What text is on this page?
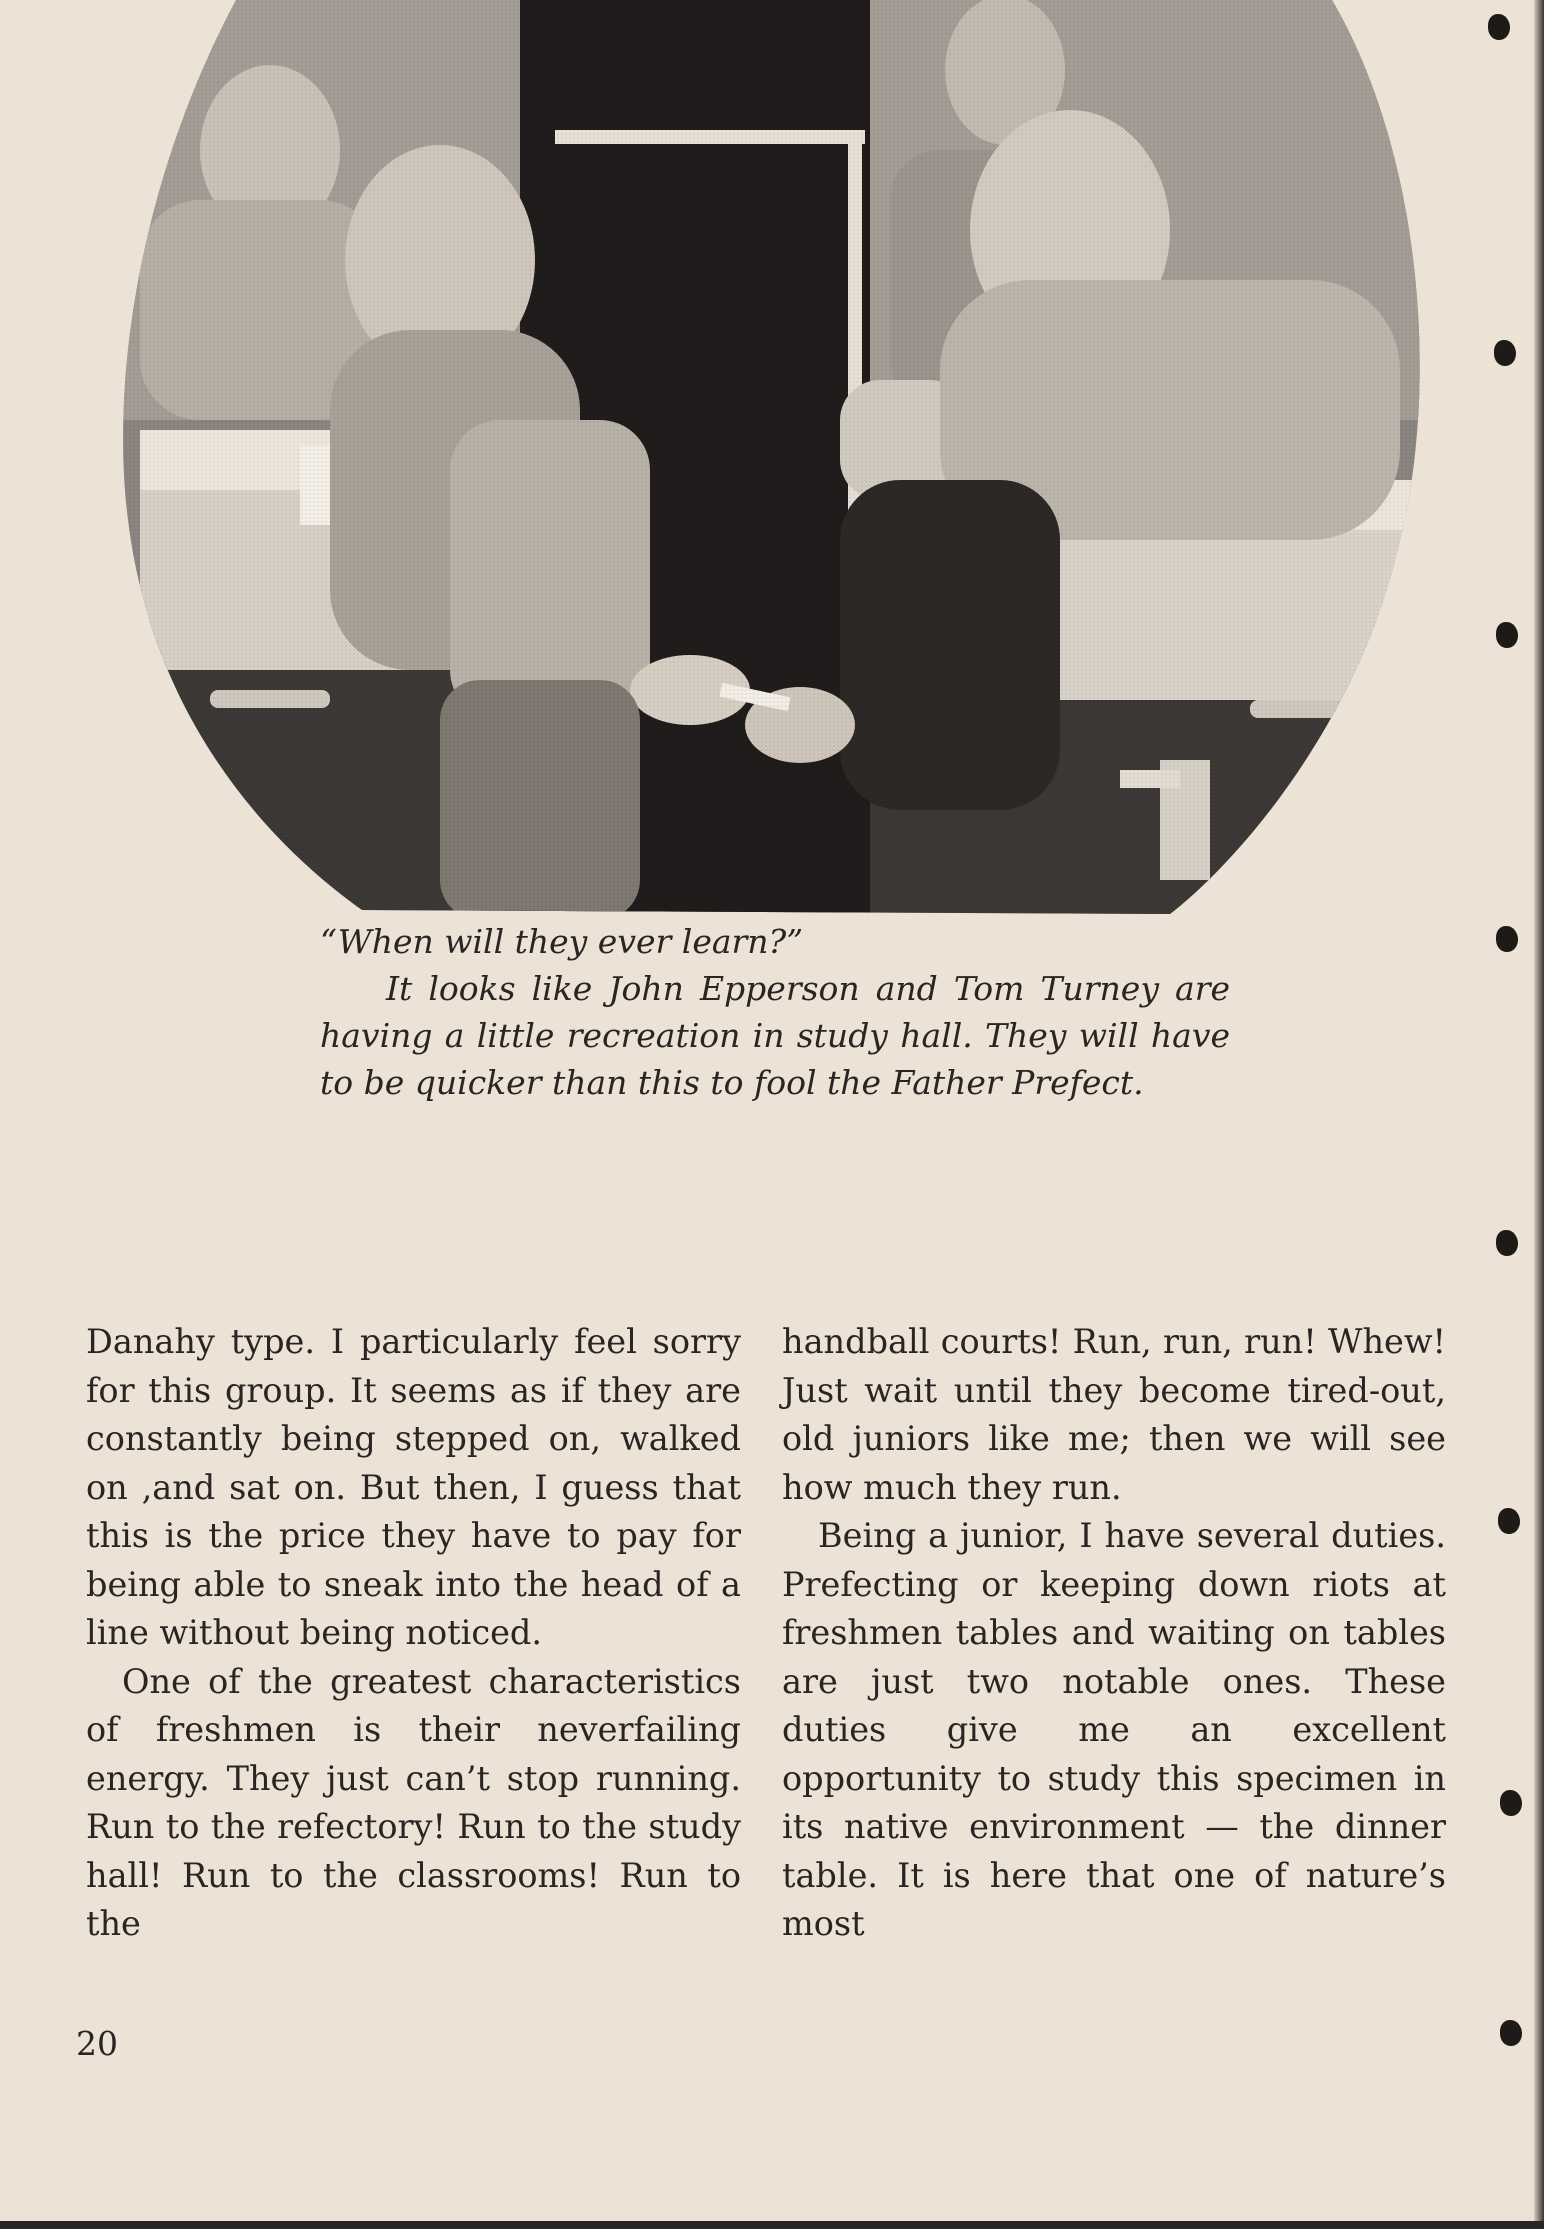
“When will they ever learn?”
It looks like John Epperson and Tom Turney are having a little recreation in study hall. They will have to be quicker than this to fool the Father Prefect.

Danahy type. I particularly feel sorry for this group. It seems as if they are constantly being stepped on, walked on ,and sat on. But then, I guess that this is the price they have to pay for being able to sneak into the head of a line without being noticed.

One of the greatest characteristics of freshmen is their neverfailing energy. They just can’t stop running. Run to the refectory! Run to the study hall! Run to the classrooms! Run to the

handball courts! Run, run, run! Whew! Just wait until they become tired-out, old juniors like me; then we will see how much they run.

Being a junior, I have several duties. Prefecting or keeping down riots at freshmen tables and waiting on tables are just two notable ones. These duties give me an excellent opportunity to study this specimen in its native environment — the dinner table. It is here that one of nature’s most

20
